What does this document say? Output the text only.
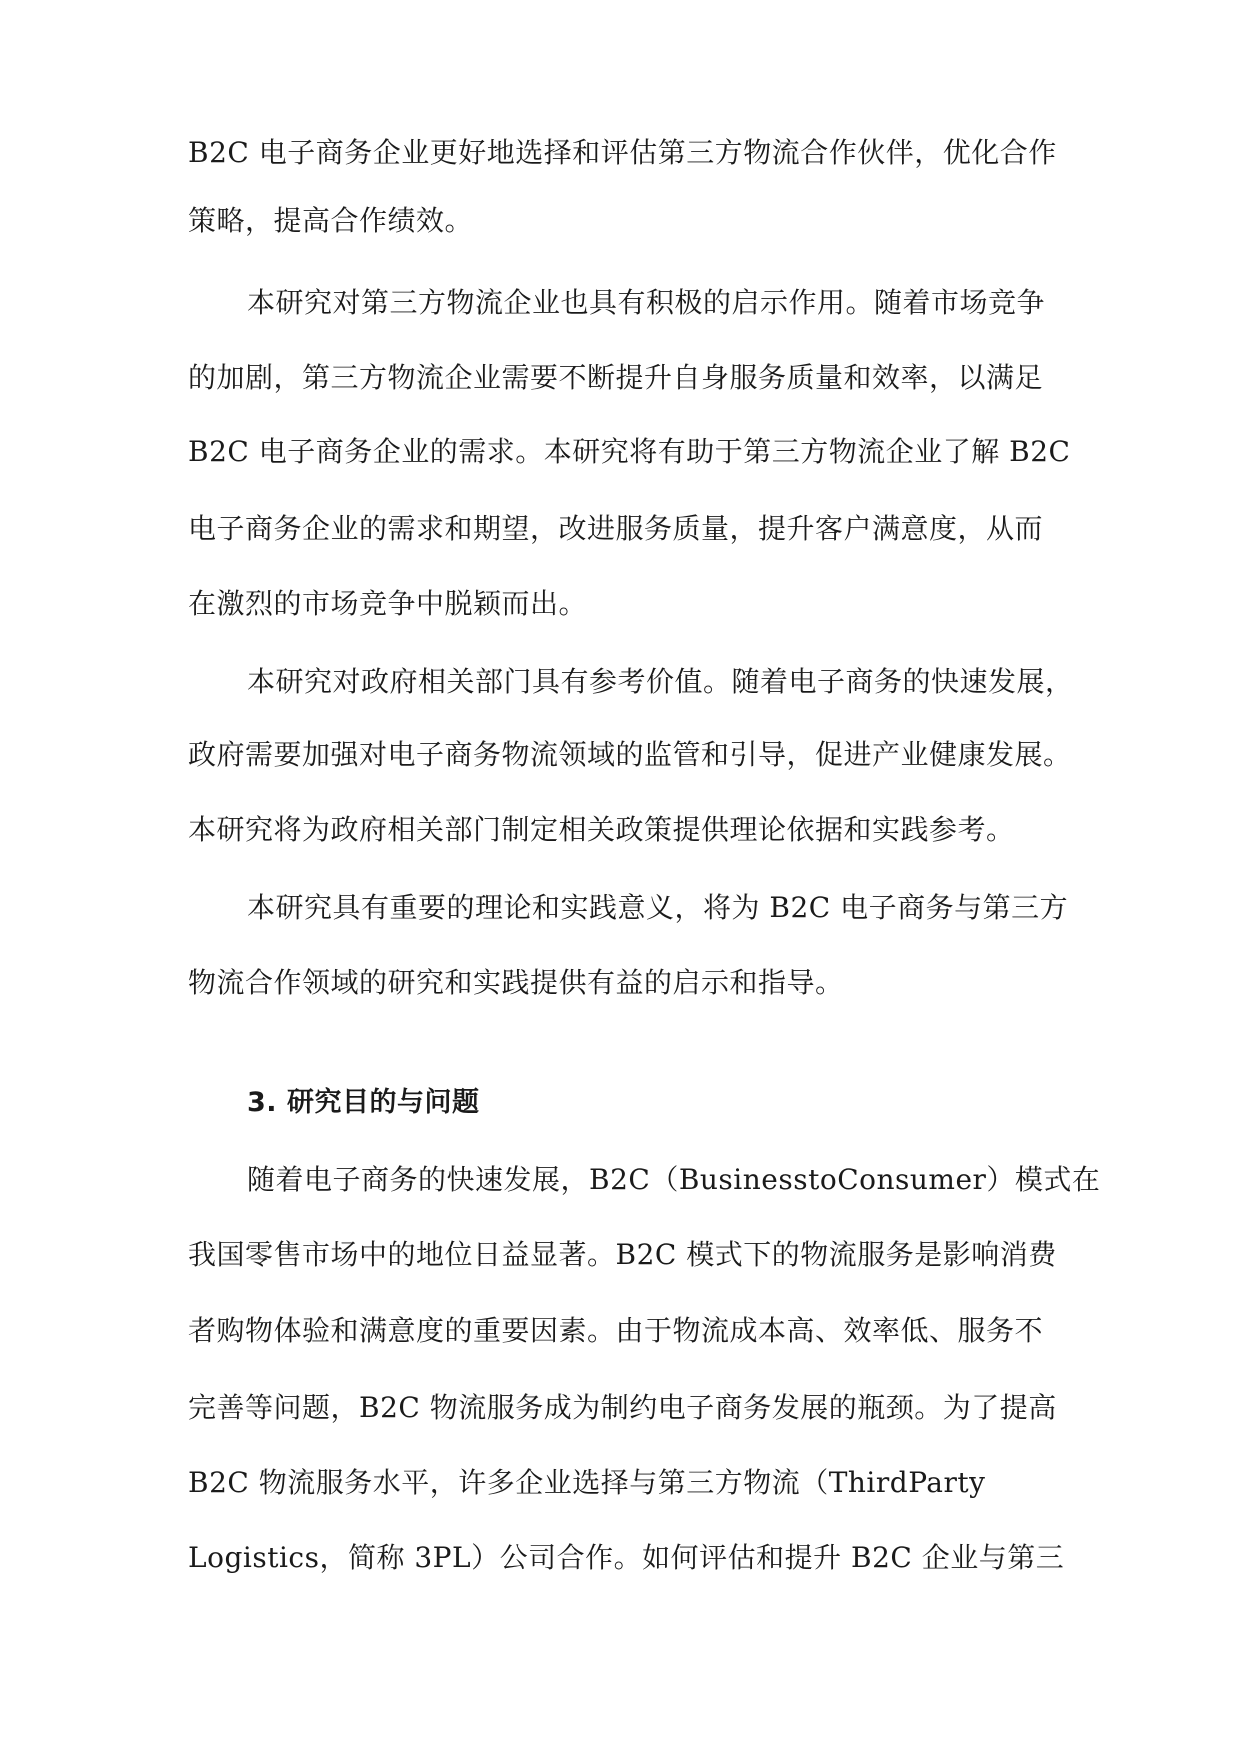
B2C 电子商务企业更好地选择和评估第三方物流合作伙伴，优化合作
策略，提高合作绩效。
本研究对第三方物流企业也具有积极的启示作用。随着市场竞争
的加剧，第三方物流企业需要不断提升自身服务质量和效率，以满足
B2C 电子商务企业的需求。本研究将有助于第三方物流企业了解 B2C
电子商务企业的需求和期望，改进服务质量，提升客户满意度，从而
在激烈的市场竞争中脱颖而出。
本研究对政府相关部门具有参考价值。随着电子商务的快速发展，
政府需要加强对电子商务物流领域的监管和引导，促进产业健康发展。
本研究将为政府相关部门制定相关政策提供理论依据和实践参考。
本研究具有重要的理论和实践意义，将为 B2C 电子商务与第三方
物流合作领域的研究和实践提供有益的启示和指导。
3. 研究目的与问题
随着电子商务的快速发展，B2C（BusinesstoConsumer）模式在
我国零售市场中的地位日益显著。B2C 模式下的物流服务是影响消费
者购物体验和满意度的重要因素。由于物流成本高、效率低、服务不
完善等问题，B2C 物流服务成为制约电子商务发展的瓶颈。为了提高
B2C 物流服务水平，许多企业选择与第三方物流（ThirdParty
Logistics，简称 3PL）公司合作。如何评估和提升 B2C 企业与第三
